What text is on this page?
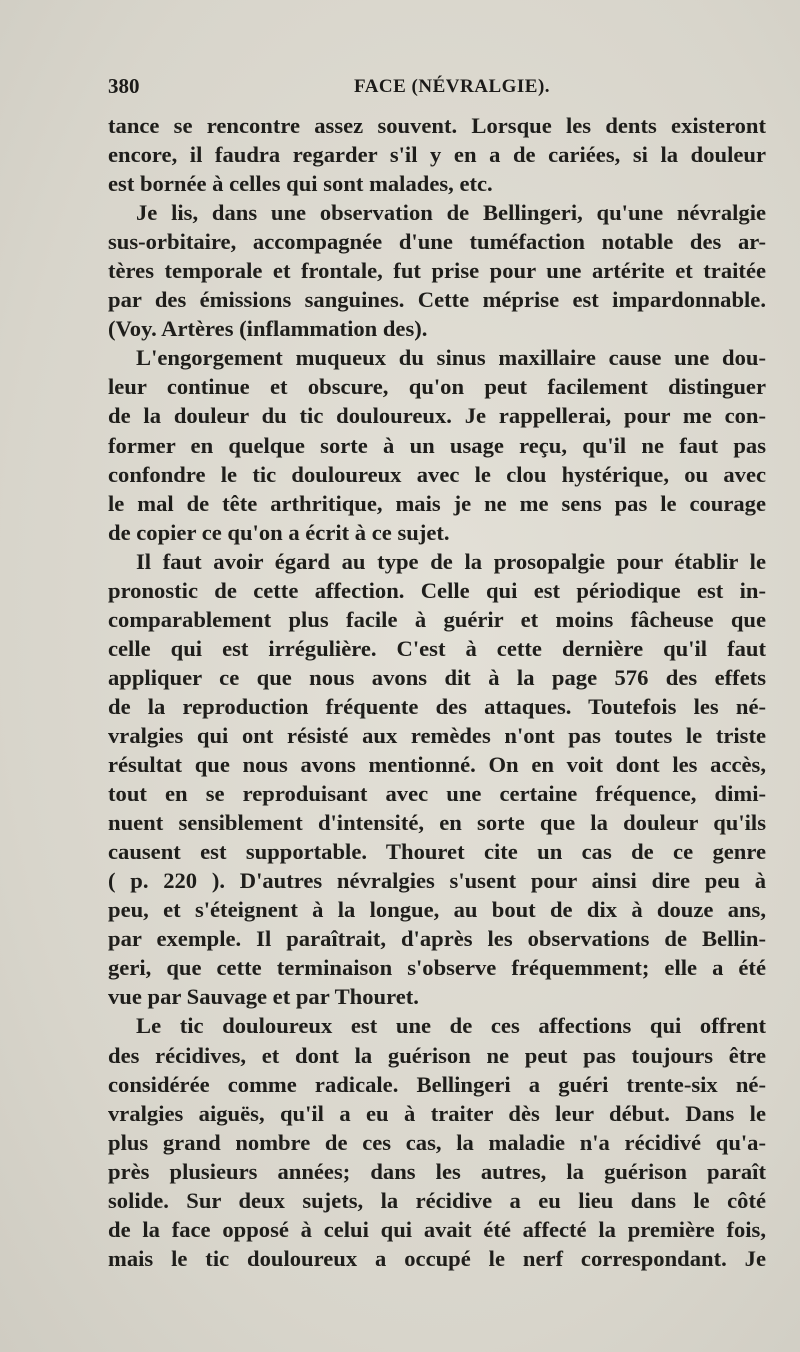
380	FACE (NÉVRALGIE).
tance se rencontre assez souvent. Lorsque les dents existeront
encore, il faudra regarder s'il y en a de cariées, si la douleur
est bornée à celles qui sont malades, etc.
Je lis, dans une observation de Bellingeri, qu'une névralgie
sus-orbitaire, accompagnée d'une tuméfaction notable des ar-
tères temporale et frontale, fut prise pour une artérite et traitée
par des émissions sanguines. Cette méprise est impardonnable.
(Voy. Artères (inflammation des).
L'engorgement muqueux du sinus maxillaire cause une dou-
leur continue et obscure, qu'on peut facilement distinguer
de la douleur du tic douloureux. Je rappellerai, pour me con-
former en quelque sorte à un usage reçu, qu'il ne faut pas
confondre le tic douloureux avec le clou hystérique, ou avec
le mal de tête arthritique, mais je ne me sens pas le courage
de copier ce qu'on a écrit à ce sujet.
Il faut avoir égard au type de la prosopalgie pour établir le
pronostic de cette affection. Celle qui est périodique est in-
comparablement plus facile à guérir et moins fâcheuse que
celle qui est irrégulière. C'est à cette dernière qu'il faut
appliquer ce que nous avons dit à la page 576 des effets
de la reproduction fréquente des attaques. Toutefois les né-
vralgies qui ont résisté aux remèdes n'ont pas toutes le triste
résultat que nous avons mentionné. On en voit dont les accès,
tout en se reproduisant avec une certaine fréquence, dimi-
nuent sensiblement d'intensité, en sorte que la douleur qu'ils
causent est supportable. Thouret cite un cas de ce genre
( p. 220 ). D'autres névralgies s'usent pour ainsi dire peu à
peu, et s'éteignent à la longue, au bout de dix à douze ans,
par exemple. Il paraîtrait, d'après les observations de Bellin-
geri, que cette terminaison s'observe fréquemment; elle a été
vue par Sauvage et par Thouret.
Le tic douloureux est une de ces affections qui offrent
des récidives, et dont la guérison ne peut pas toujours être
considérée comme radicale. Bellingeri a guéri trente-six né-
vralgies aiguës, qu'il a eu à traiter dès leur début. Dans le
plus grand nombre de ces cas, la maladie n'a récidivé qu'a-
près plusieurs années; dans les autres, la guérison paraît
solide. Sur deux sujets, la récidive a eu lieu dans le côté
de la face opposé à celui qui avait été affecté la première fois,
mais le tic douloureux a occupé le nerf correspondant. Je
